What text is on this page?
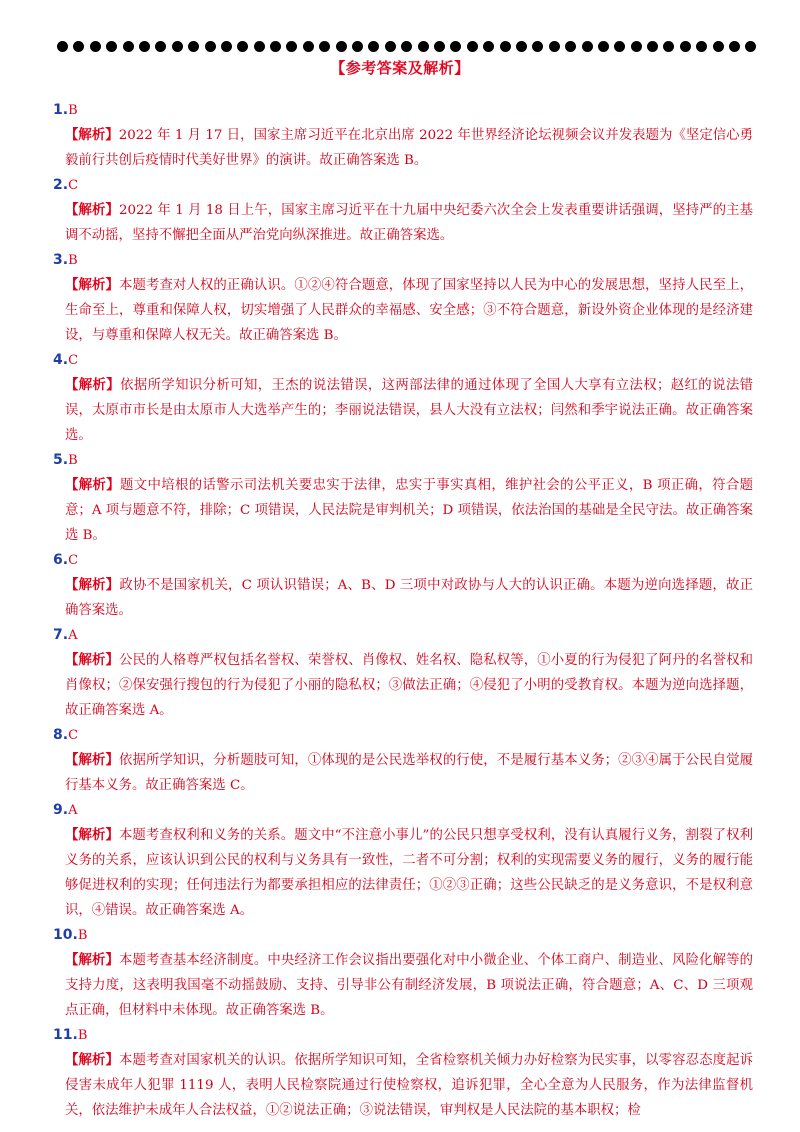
【参考答案及解析】
1.B
【解析】2022 年 1 月 17 日，国家主席习近平在北京出席 2022 年世界经济论坛视频会议并发表题为《坚定信心勇毅前行共创后疫情时代美好世界》的演讲。故正确答案选 B。
2.C
【解析】2022 年 1 月 18 日上午，国家主席习近平在十九届中央纪委六次全会上发表重要讲话强调，坚持严的主基调不动摇，坚持不懈把全面从严治党向纵深推进。故正确答案选。
3.B
【解析】本题考查对人权的正确认识。①②④符合题意，体现了国家坚持以人民为中心的发展思想，坚持人民至上，生命至上，尊重和保障人权，切实增强了人民群众的幸福感、安全感；③不符合题意，新设外资企业体现的是经济建设，与尊重和保障人权无关。故正确答案选 B。
4.C
【解析】依据所学知识分析可知，王杰的说法错误，这两部法律的通过体现了全国人大享有立法权；赵红的说法错误，太原市市长是由太原市人大选举产生的；李丽说法错误，县人大没有立法权；闫然和季宇说法正确。故正确答案选。
5.B
【解析】题文中培根的话警示司法机关要忠实于法律，忠实于事实真相，维护社会的公平正义，B 项正确，符合题意；A 项与题意不符，排除；C 项错误，人民法院是审判机关；D 项错误，依法治国的基础是全民守法。故正确答案选 B。
6.C
【解析】政协不是国家机关，C 项认识错误；A、B、D 三项中对政协与人大的认识正确。本题为逆向选择题，故正确答案选。
7.A
【解析】公民的人格尊严权包括名誉权、荣誉权、肖像权、姓名权、隐私权等，①小夏的行为侵犯了阿丹的名誉权和肖像权；②保安强行搜包的行为侵犯了小丽的隐私权；③做法正确；④侵犯了小明的受教育权。本题为逆向选择题，故正确答案选 A。
8.C
【解析】依据所学知识，分析题肢可知，①体现的是公民选举权的行使，不是履行基本义务；②③④属于公民自觉履行基本义务。故正确答案选 C。
9.A
【解析】本题考查权利和义务的关系。题文中“不注意小事儿”的公民只想享受权利，没有认真履行义务，割裂了权利义务的关系，应该认识到公民的权利与义务具有一致性，二者不可分割；权利的实现需要义务的履行，义务的履行能够促进权利的实现；任何违法行为都要承担相应的法律责任；①②③正确；这些公民缺乏的是义务意识，不是权利意识，④错误。故正确答案选 A。
10.B
【解析】本题考查基本经济制度。中央经济工作会议指出要强化对中小微企业、个体工商户、制造业、风险化解等的支持力度，这表明我国毫不动摇鼓励、支持、引导非公有制经济发展，B 项说法正确，符合题意；A、C、D 三项观点正确，但材料中未体现。故正确答案选 B。
11.B
【解析】本题考查对国家机关的认识。依据所学知识可知，全省检察机关倾力办好检察为民实事，以零容忍态度起诉侵害未成年人犯罪 1119 人，表明人民检察院通过行使检察权，追诉犯罪，全心全意为人民服务，作为法律监督机关，依法维护未成年人合法权益，①②说法正确；③说法错误，审判权是人民法院的基本职权；检
